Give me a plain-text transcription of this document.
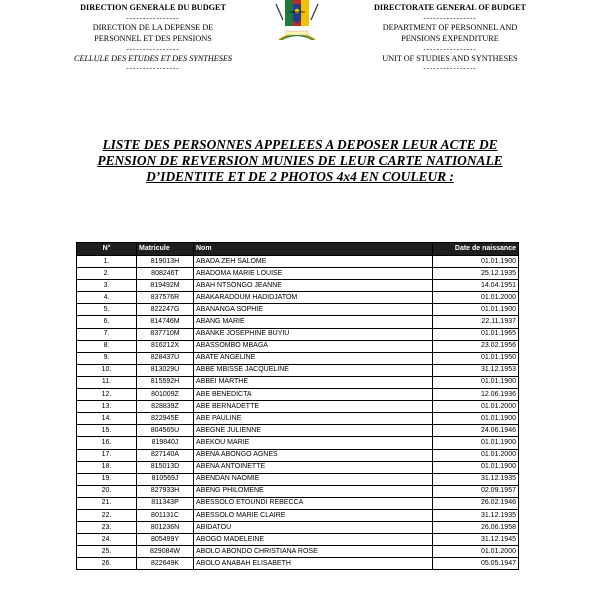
DIRECTION GENERALE DU BUDGET
----------------
DIRECTION DE LA DEPENSE DE
PERSONNEL ET DES PENSIONS
----------------
CELLULE DES ETUDES ET DES SYNTHESES
----------------
DIRECTORATE GENERAL OF BUDGET
----------------
DEPARTMENT OF PERSONNEL AND
PENSIONS EXPENDITURE
----------------
UNIT OF STUDIES AND SYNTHESES
----------------
LISTE DES PERSONNES APPELEES A DEPOSER LEUR ACTE DE
PENSION DE REVERSION MUNIES DE LEUR CARTE NATIONALE
D’IDENTITE ET DE 2 PHOTOS 4x4 EN COULEUR :
N°	Matricule	Nom	Date de naissance
1.	819013H	ABADA ZEH SALOME	01.01.1900
2.	808246T	ABADOMA MARIE LOUISE	25.12.1935
3.	819492M	ABAH NTSONGO JEANNE	14.04.1951
4.	837576R	ABAKARADOUM HADIDJATOM	01.01.2000
5.	822247G	ABANANGA SOPHIE	01.01.1900
6.	814746M	ABANG MARIE	22.11.1937
7.	837710M	ABANKE JOSEPHINE BUYIU	01.01.1965
8.	816212X	ABASSOMBO MBAGA	23.02.1956
9.	828437U	ABATE ANGELINE	01.01.1950
10.	813029U	ABBE MBISSE JACQUELINE	31.12.1953
11.	815592H	ABBEI MARTHE	01.01.1900
12.	801009Z	ABE BENEDICTA	12.06.1936
13.	828839Z	ABE BERNADETTE	01.01.2000
14.	822945E	ABE PAULINE	01.01.1900
15.	804565U	ABEGNE JULIENNE	24.06.1946
16.	819840J	ABEKOU MARIE	01.01.1900
17.	827140A	ABENA ABONGO AGNES	01.01.2000
18.	815013D	ABENA ANTOINETTE	01.01.1900
19.	810569J	ABENDAN NAOMIE	31.12.1935
20.	827933H	ABENG PHILOMENE	02.09.1957
21.	811343P	ABESSOLO ETOUNDI REBECCA	26.02.1946
22.	801131C	ABESSOLO MARIE CLAIRE	31.12.1935
23.	801236N	ABIDATOU	26.06.1958
24.	805499Y	ABOGO MADELEINE	31.12.1945
25.	829084W	ABOLO ABONDO CHRISTIANA ROSE	01.01.2000
26.	822649K	ABOLO ANABAH ELISABETH	05.05.1947
